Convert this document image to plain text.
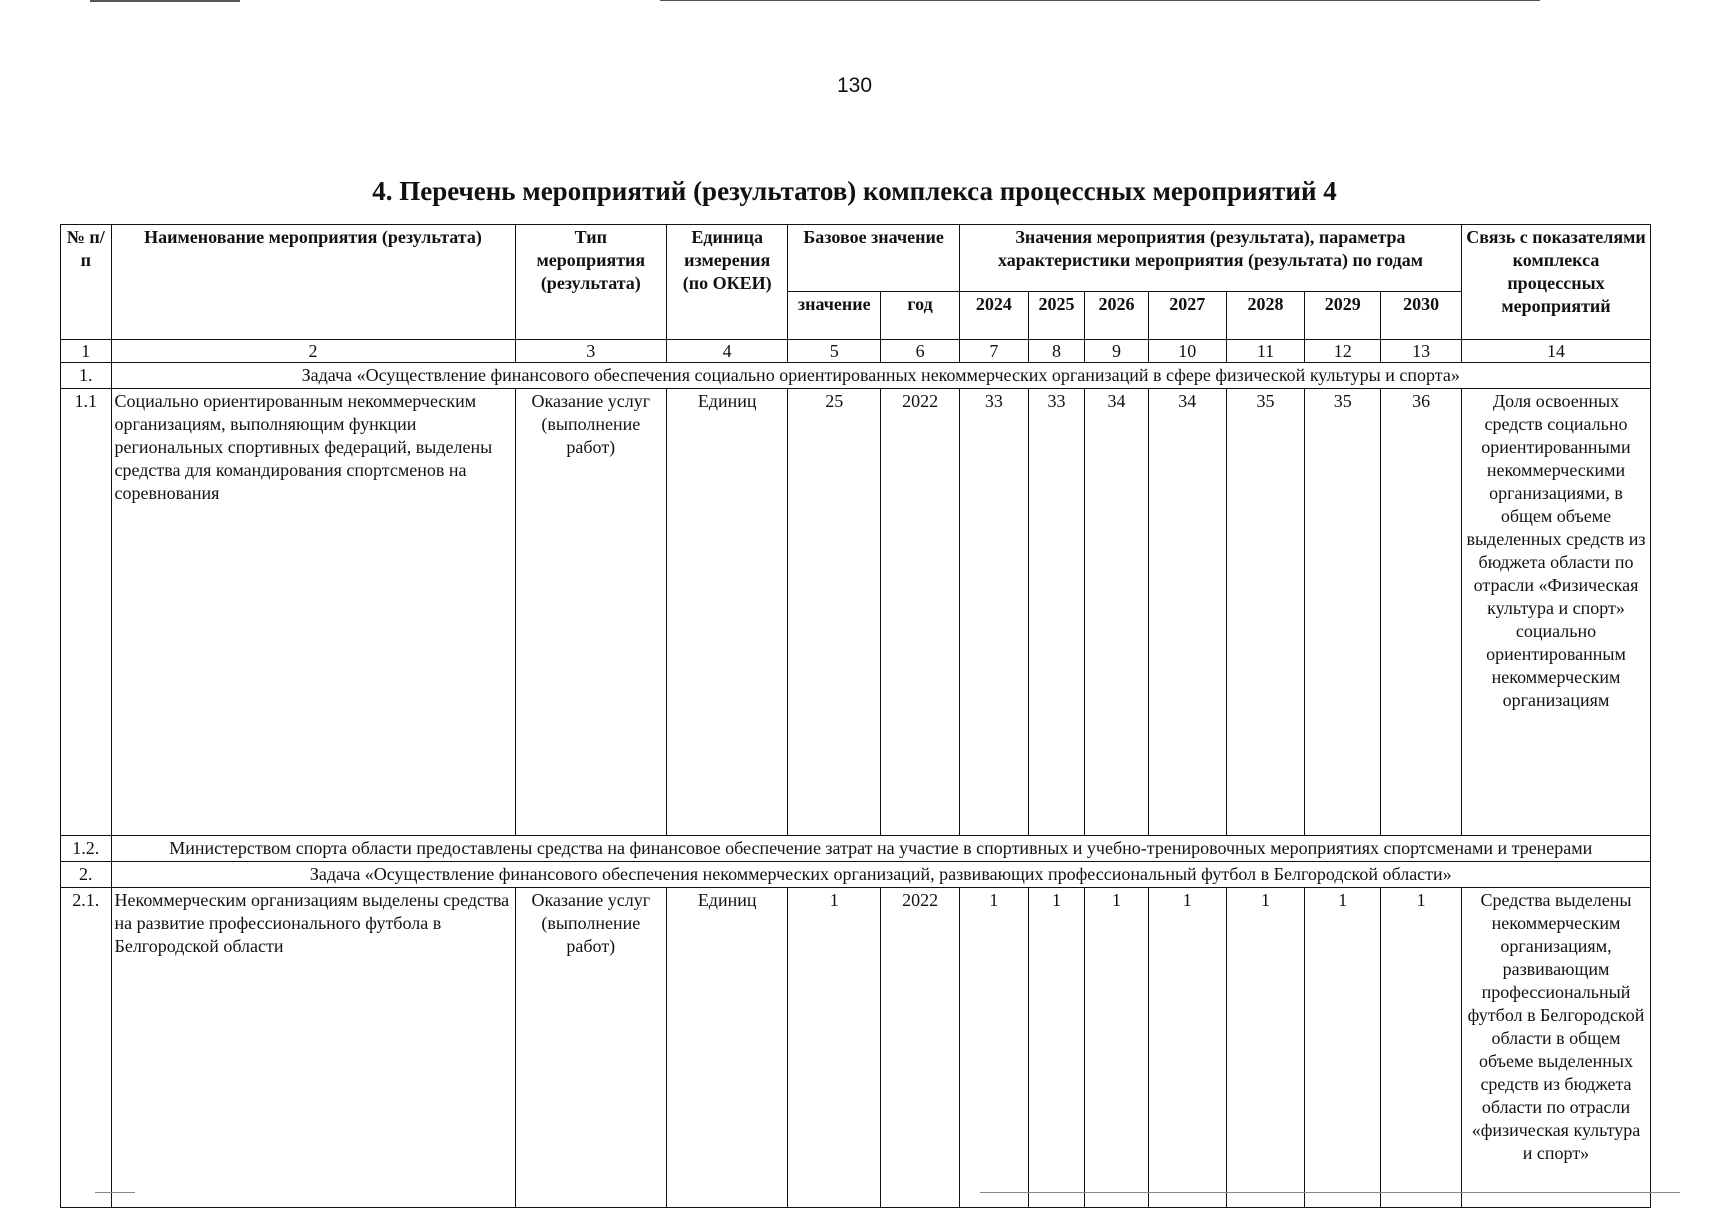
130
4. Перечень мероприятий (результатов) комплекса процессных мероприятий 4
№ п/п	Наименование мероприятия (результата)	Тип мероприятия (результата)	Единица измерения (по ОКЕИ)	Базовое значение		Значения мероприятия (результата), параметра характеристики мероприятия (результата) по годам							Связь с показателями комплекса процессных мероприятий
				значение	год	2024	2025	2026	2027	2028	2029	2030	
1	2	3	4	5	6	7	8	9	10	11	12	13	14
1.	Задача «Осуществление финансового обеспечения социально ориентированных некоммерческих организаций в сфере физической культуры и спорта»												
1.1	Социально ориентированным некоммерческим организациям, выполняющим функции региональных спортивных федераций, выделены средства для командирования спортсменов на соревнования	Оказание услуг (выполнение работ)	Единиц	25	2022	33	33	34	34	35	35	36	Доля освоенных средств социально ориентированными некоммерческими организациями, в общем объеме выделенных средств из бюджета области по отрасли «Физическая культура и спорт» социально ориентированным некоммерческим организациям
1.2.	Министерством спорта области предоставлены средства на финансовое обеспечение затрат на участие в спортивных и учебно-тренировочных мероприятиях спортсменами и тренерами												
2.	Задача «Осуществление финансового обеспечения некоммерческих организаций, развивающих профессиональный футбол в Белгородской области»												
2.1.	Некоммерческим организациям выделены средства на развитие профессионального футбола в Белгородской области	Оказание услуг (выполнение работ)	Единиц	1	2022	1	1	1	1	1	1	1	Средства выделены некоммерческим организациям, развивающим профессиональный футбол в Белгородской области в общем объеме выделенных средств из бюджета области по отрасли «физическая культура и спорт»
